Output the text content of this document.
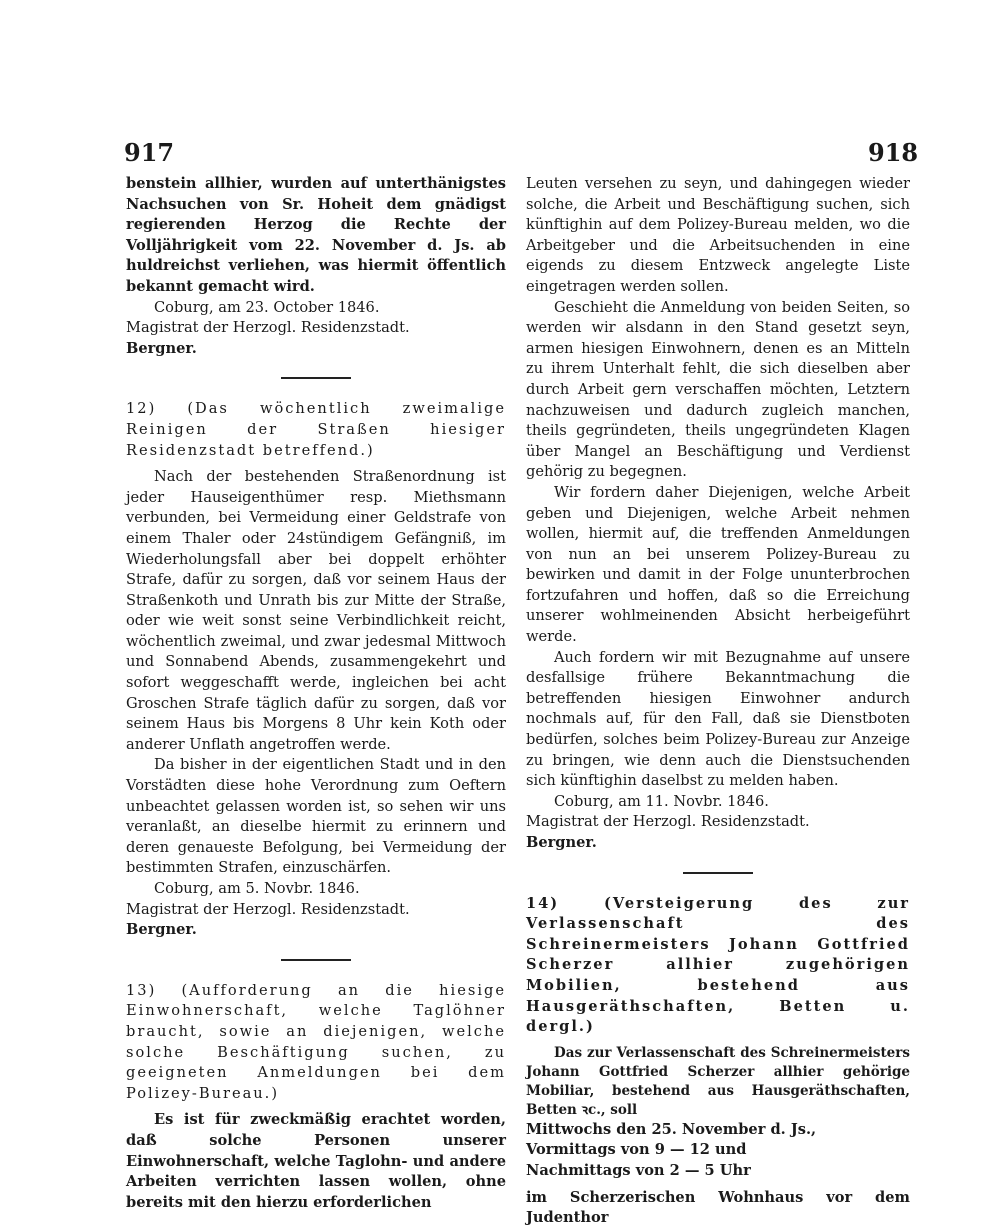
917	918

benstein allhier, wurden auf unterthänigstes Nachsuchen von Sr. Hoheit dem gnädigst regierenden Herzog die Rechte der Volljährigkeit vom 22. November d. Js. ab huldreichst verliehen, was hiermit öffentlich bekannt gemacht wird.

Coburg, am 23. October 1846.

Magistrat der Herzogl. Residenzstadt.

Bergner.

12) (Das wöchentlich zweimalige Reinigen der Straßen hiesiger Residenzstadt betreffend.)

Nach der bestehenden Straßenordnung ist jeder Hauseigenthümer resp. Miethsmann verbunden, bei Vermeidung einer Geldstrafe von einem Thaler oder 24stündigem Gefängniß, im Wiederholungsfall aber bei doppelt erhöhter Strafe, dafür zu sorgen, daß vor seinem Haus der Straßenkoth und Unrath bis zur Mitte der Straße, oder wie weit sonst seine Verbindlichkeit reicht, wöchentlich zweimal, und zwar jedesmal Mittwoch und Sonnabend Abends, zusammengekehrt und sofort weggeschafft werde, ingleichen bei acht Groschen Strafe täglich dafür zu sorgen, daß vor seinem Haus bis Morgens 8 Uhr kein Koth oder anderer Unflath angetroffen werde.

Da bisher in der eigentlichen Stadt und in den Vorstädten diese hohe Verordnung zum Oeftern unbeachtet gelassen worden ist, so sehen wir uns veranlaßt, an dieselbe hiermit zu erinnern und deren genaueste Befolgung, bei Vermeidung der bestimmten Strafen, einzuschärfen.

Coburg, am 5. Novbr. 1846.

Magistrat der Herzogl. Residenzstadt.

Bergner.

13) (Aufforderung an die hiesige Einwohnerschaft, welche Taglöhner braucht, sowie an diejenigen, welche solche Beschäftigung suchen, zu geeigneten Anmeldungen bei dem Polizey-Bureau.)

Es ist für zweckmäßig erachtet worden, daß solche Personen unserer Einwohnerschaft, welche Taglohn- und andere Arbeiten verrichten lassen wollen, ohne bereits mit den hierzu erforderlichen

Leuten versehen zu seyn, und dahingegen wieder solche, die Arbeit und Beschäftigung suchen, sich künftighin auf dem Polizey-Bureau melden, wo die Arbeitgeber und die Arbeitsuchenden in eine eigends zu diesem Entzweck angelegte Liste eingetragen werden sollen.

Geschieht die Anmeldung von beiden Seiten, so werden wir alsdann in den Stand gesetzt seyn, armen hiesigen Einwohnern, denen es an Mitteln zu ihrem Unterhalt fehlt, die sich dieselben aber durch Arbeit gern verschaffen möchten, Letztern nachzuweisen und dadurch zugleich manchen, theils gegründeten, theils ungegründeten Klagen über Mangel an Beschäftigung und Verdienst gehörig zu begegnen.

Wir fordern daher Diejenigen, welche Arbeit geben und Diejenigen, welche Arbeit nehmen wollen, hiermit auf, die treffenden Anmeldungen von nun an bei unserem Polizey-Bureau zu bewirken und damit in der Folge ununterbrochen fortzufahren und hoffen, daß so die Erreichung unserer wohlmeinenden Absicht herbeigeführt werde.

Auch fordern wir mit Bezugnahme auf unsere desfallsige frühere Bekanntmachung die betreffenden hiesigen Einwohner andurch nochmals auf, für den Fall, daß sie Dienstboten bedürfen, solches beim Polizey-Bureau zur Anzeige zu bringen, wie denn auch die Dienstsuchenden sich künftighin daselbst zu melden haben.

Coburg, am 11. Novbr. 1846.

Magistrat der Herzogl. Residenzstadt.

Bergner.

14) (Versteigerung des zur Verlassenschaft des Schreinermeisters Johann Gottfried Scherzer allhier zugehörigen Mobilien, bestehend aus Hausgeräthschaften, Betten u. dergl.)

Das zur Verlassenschaft des Schreinermeisters Johann Gottfried Scherzer allhier gehörige Mobiliar, bestehend aus Hausgeräthschaften, Betten ꝛc., soll

Mittwochs den 25. November d. Js.,

Vormittags von 9 — 12 und

Nachmittags von 2 — 5 Uhr

im Scherzerischen Wohnhaus vor dem Judenthor
